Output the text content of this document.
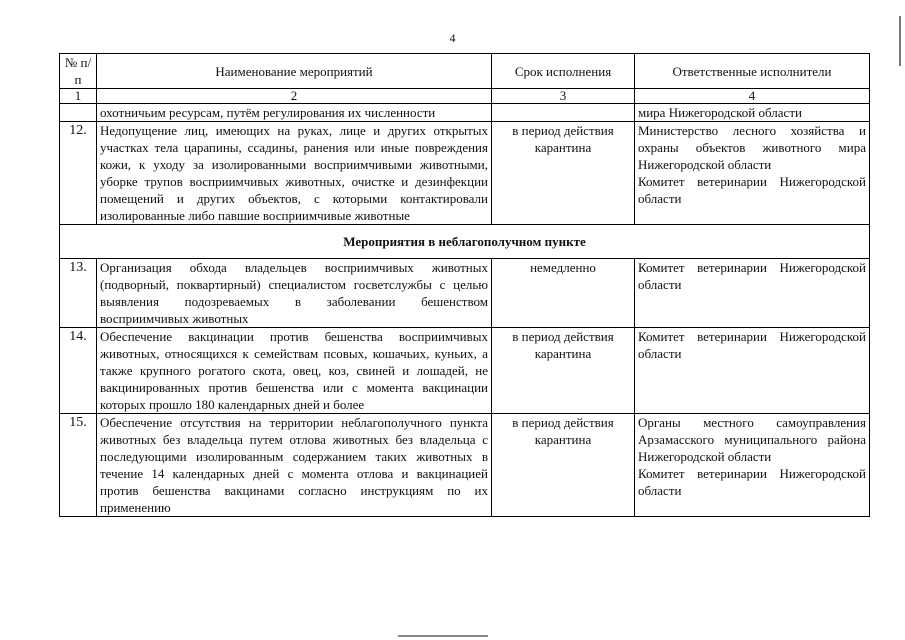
4
№ п/п	Наименование мероприятий	Срок исполнения	Ответственные исполнители
1	2	3	4
	охотничьим ресурсам, путём регулирования их численности		мира Нижегородской области
12.	Недопущение лиц, имеющих на руках, лице и других открытых участках тела царапины, ссадины, ранения или иные повреждения кожи, к уходу за изолированными восприимчивыми животными, уборке трупов восприимчивых животных, очистке и дезинфекции помещений и других объектов, с которыми контактировали изолированные либо павшие восприимчивые животные	в период действия карантина	Министерство лесного хозяйства и охраны объектов животного мира Нижегородской области
Комитет ветеринарии Нижегородской области

Мероприятия в неблагополучном пункте			
13.	Организация обхода владельцев восприимчивых животных (подворный, поквартирный) специалистом госветслужбы с целью выявления подозреваемых в заболевании бешенством восприимчивых животных	немедленно	Комитет ветеринарии Нижегородской области

14.	Обеспечение вакцинации против бешенства восприимчивых животных, относящихся к семействам псовых, кошачьих, куньих, а также крупного рогатого скота, овец, коз, свиней и лошадей, не вакцинированных против бешенства или с момента вакцинации которых прошло 180 календарных дней и более	в период действия карантина	Комитет ветеринарии Нижегородской области

15.	Обеспечение отсутствия на территории неблагополучного пункта животных без владельца путем отлова животных без владельца с последующими изолированным содержанием таких животных в течение 14 календарных дней с момента отлова и вакцинацией против бешенства вакцинами согласно инструкциям по их применению	в период действия карантина	Органы местного самоуправления Арзамасского муниципального района Нижегородской области
Комитет ветеринарии Нижегородской области
